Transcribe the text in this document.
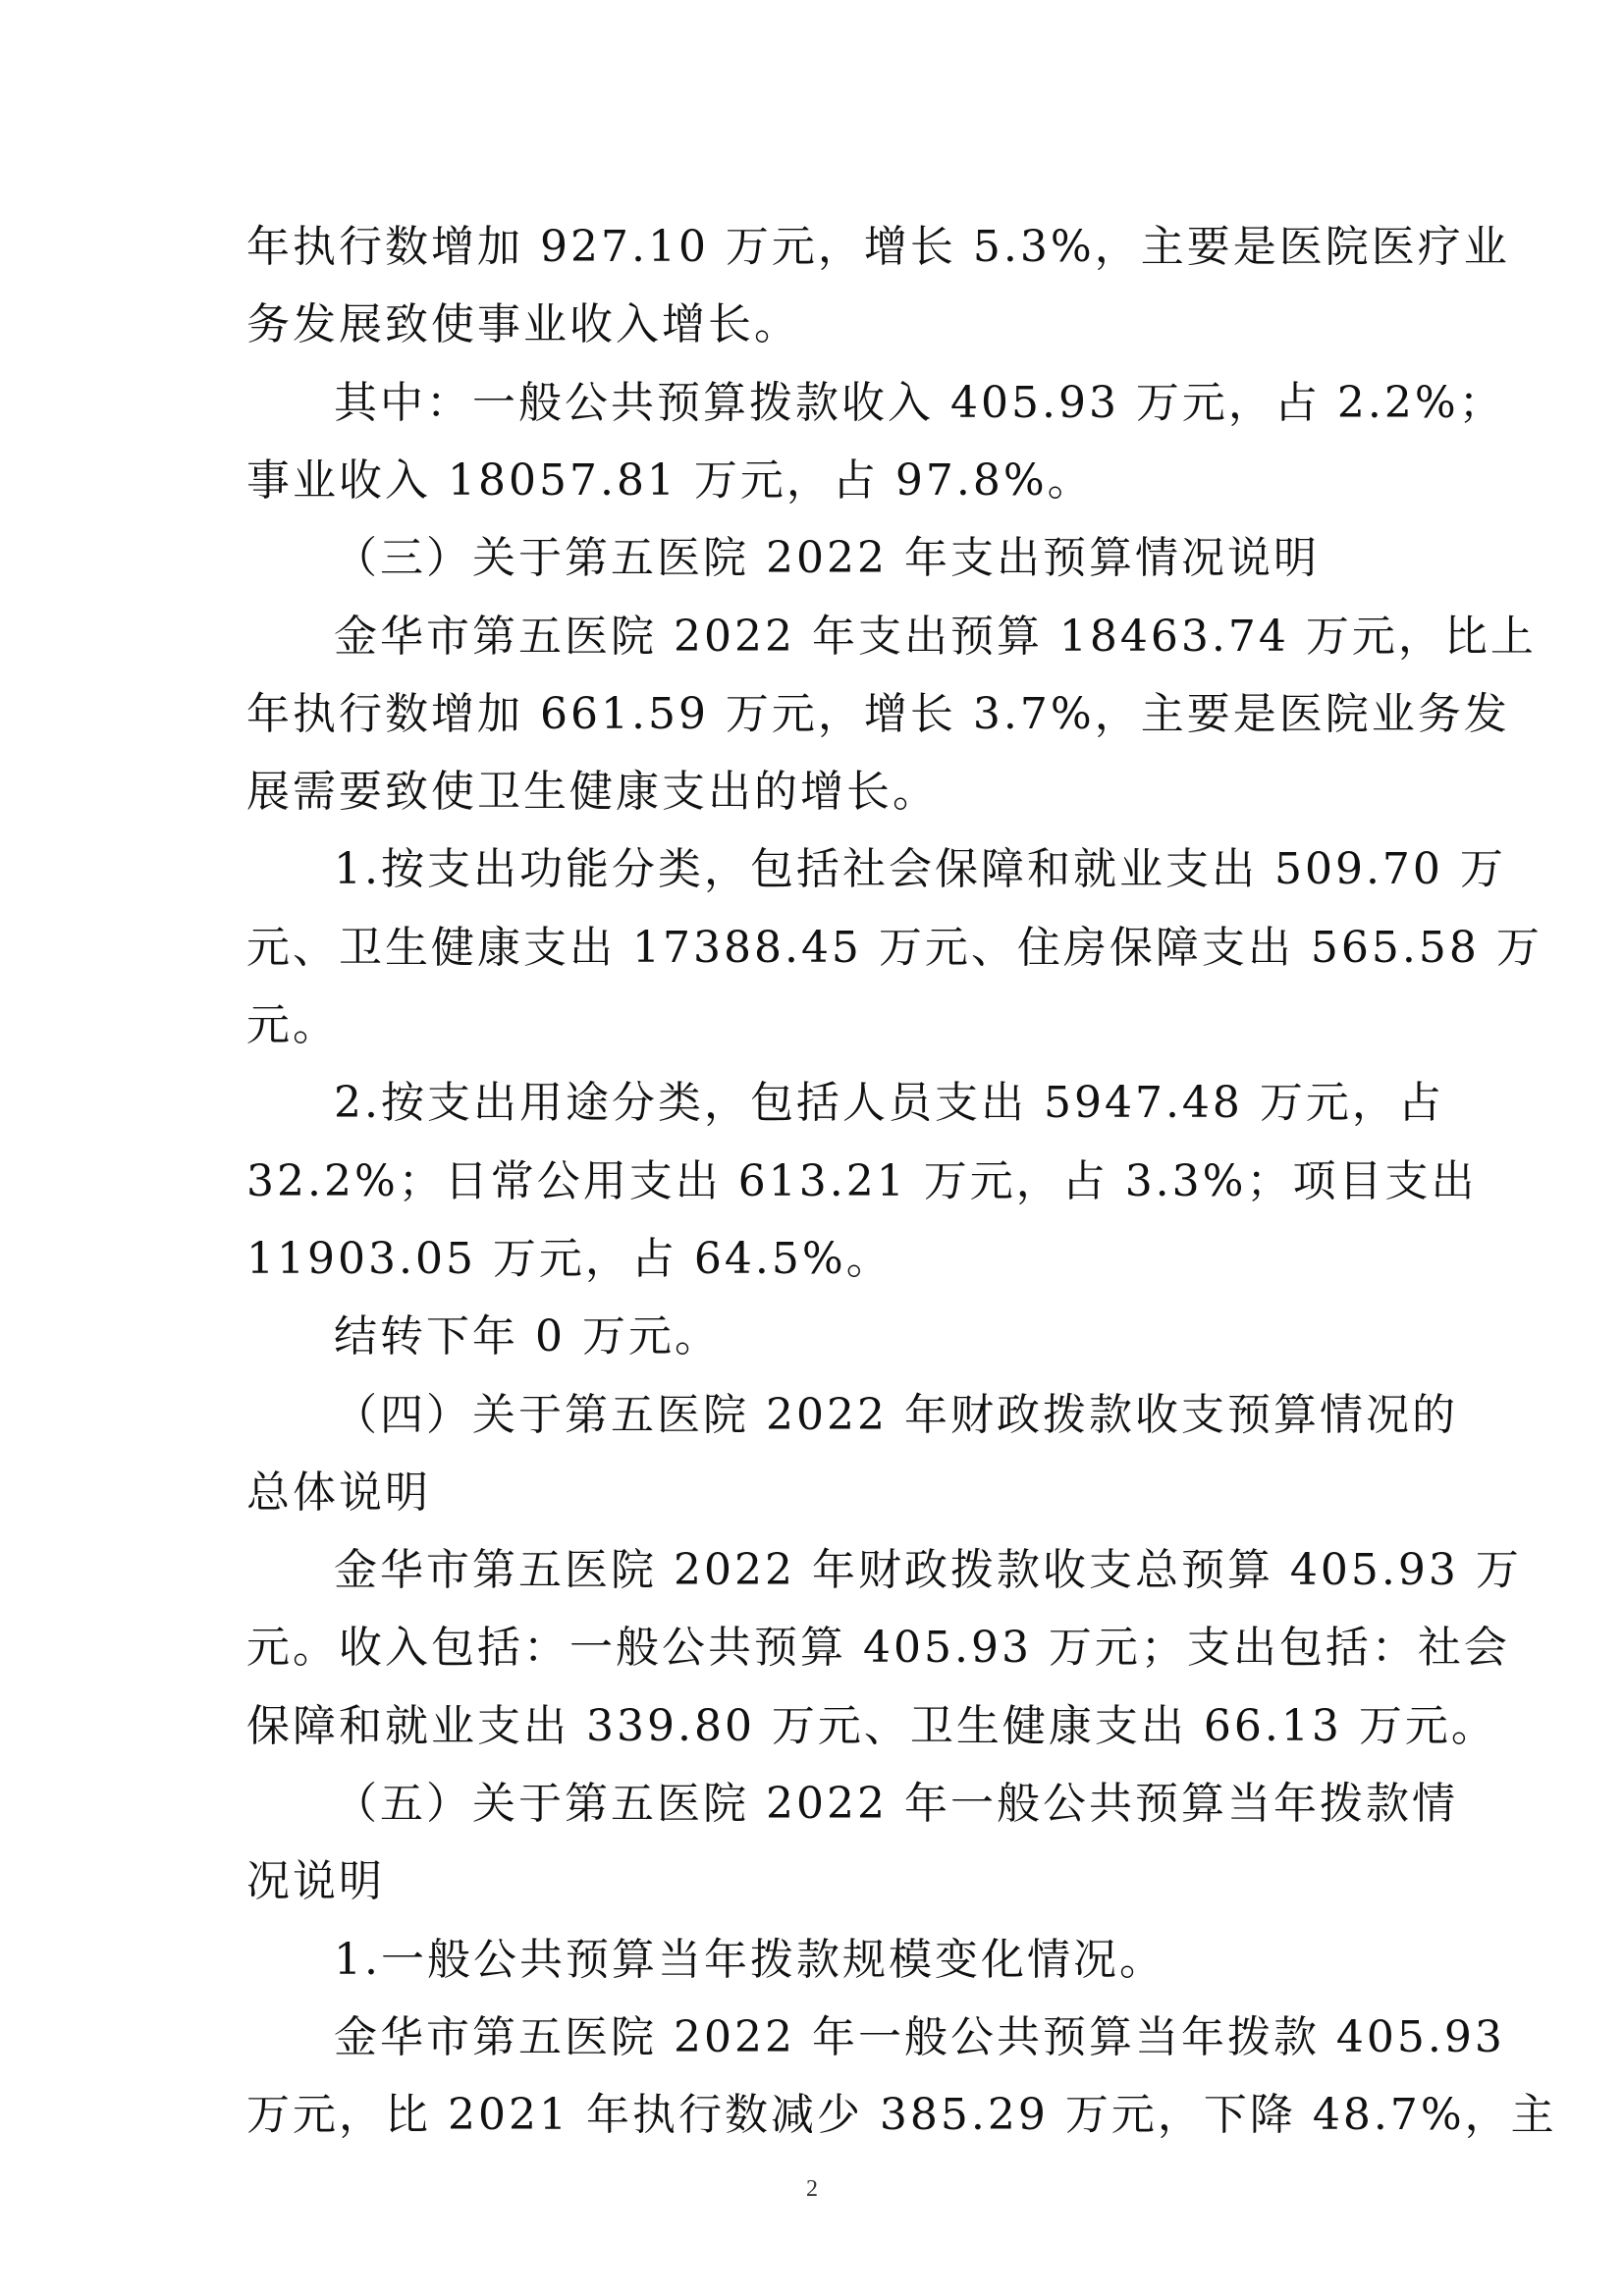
年执行数增加 927.10 万元，增长 5.3%，主要是医院医疗业
务发展致使事业收入增长。
其中：一般公共预算拨款收入 405.93 万元，占 2.2%；
事业收入 18057.81 万元，占 97.8%。
（三）关于第五医院 2022 年支出预算情况说明
金华市第五医院 2022 年支出预算 18463.74 万元，比上
年执行数增加 661.59 万元，增长 3.7%，主要是医院业务发
展需要致使卫生健康支出的增长。
1.按支出功能分类，包括社会保障和就业支出 509.70 万
元、卫生健康支出 17388.45 万元、住房保障支出 565.58 万
元。
2.按支出用途分类，包括人员支出 5947.48 万元，占
32.2%；日常公用支出 613.21 万元，占 3.3%；项目支出
11903.05 万元，占 64.5%。
结转下年 0 万元。
（四）关于第五医院 2022 年财政拨款收支预算情况的
总体说明
金华市第五医院 2022 年财政拨款收支总预算 405.93 万
元。收入包括：一般公共预算 405.93 万元；支出包括：社会
保障和就业支出 339.80 万元、卫生健康支出 66.13 万元。
（五）关于第五医院 2022 年一般公共预算当年拨款情
况说明
1.一般公共预算当年拨款规模变化情况。
金华市第五医院 2022 年一般公共预算当年拨款 405.93
万元，比 2021 年执行数减少 385.29 万元，下降 48.7%，主
2
